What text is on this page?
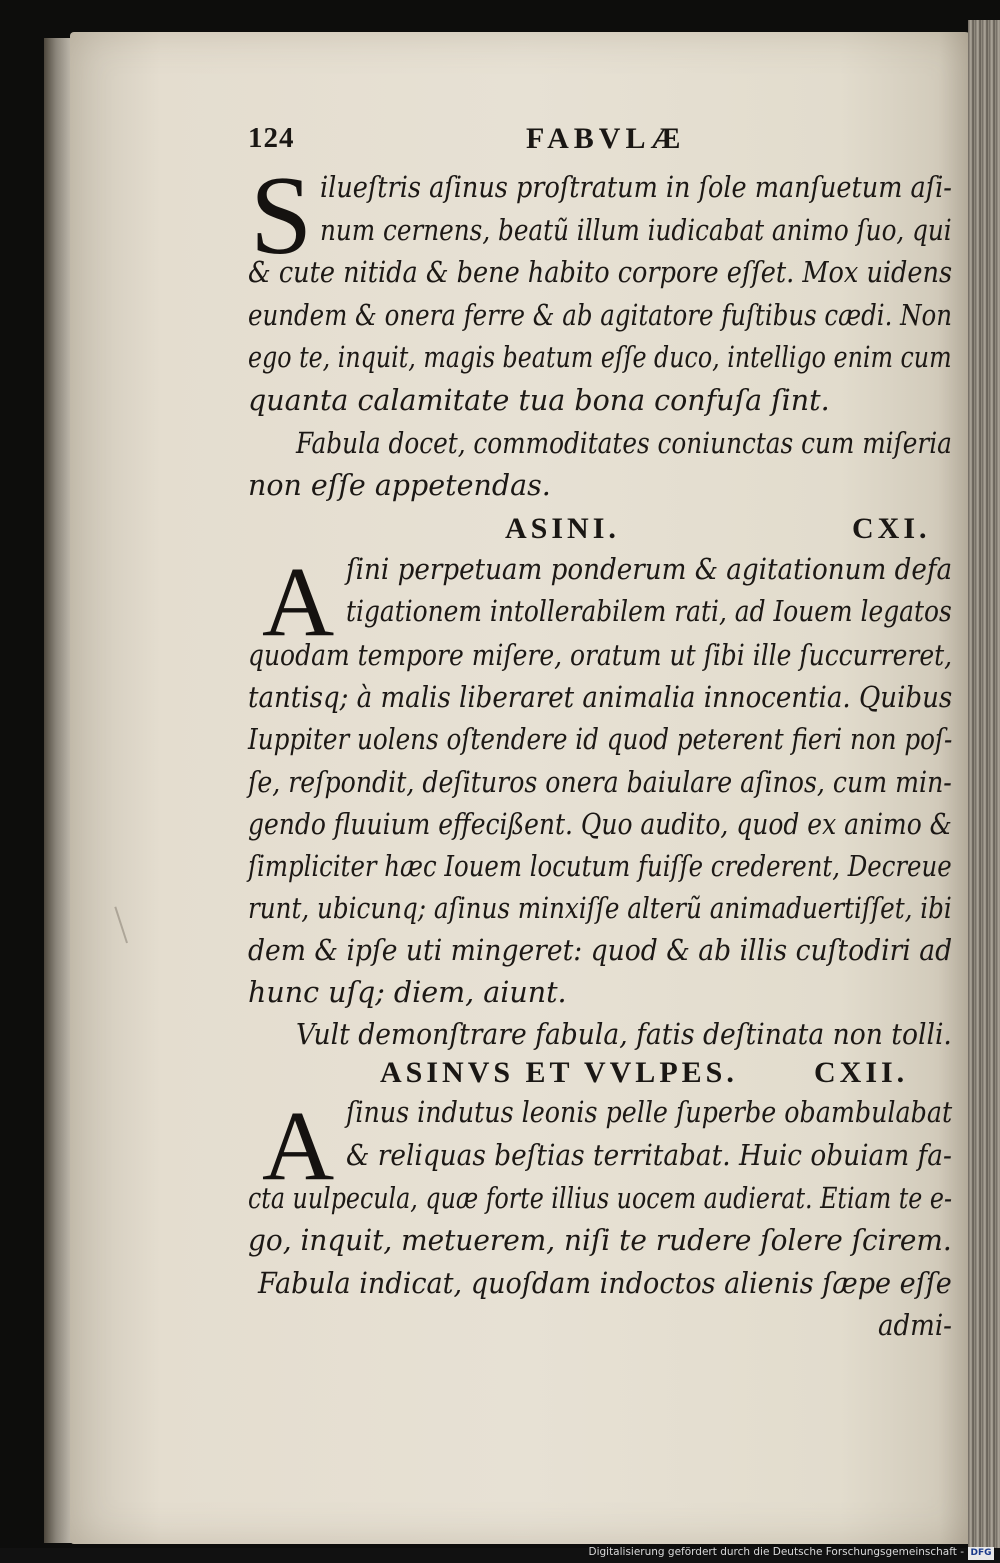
124	FABVLÆ
S ilueſtris aſinus proſtratum in ſole manſuetum aſi-
num cernens, beatũ illum iudicabat animo ſuo, qui
& cute nitida & bene habito corpore eſſet. Mox uidens
eundem & onera ferre & ab agitatore fuſtibus cædi. Non
ego te, inquit, magis beatum eſſe duco, intelligo enim cum
quanta calamitate tua bona confuſa ſint.
Fabula docet, commoditates coniunctas cum miſeria
non eſſe appetendas.
ASINI.	CXI.
A ſini perpetuam ponderum & agitationum defa
tigationem intollerabilem rati, ad Iouem legatos
quodam tempore miſere, oratum ut ſibi ille ſuccurreret,
tantisq; à malis liberaret animalia innocentia. Quibus
Iuppiter uolens oſtendere id quod peterent fieri non poſ-
ſe, reſpondit, deſituros onera baiulare aſinos, cum min-
gendo fluuium effecißent. Quo audito, quod ex animo &
ſimpliciter hæc Iouem locutum fuiſſe crederent, Decreue
runt, ubicunq; aſinus minxiſſe alterũ animaduertiſſet, ibi
dem & ipſe uti mingeret: quod & ab illis cuſtodiri ad
hunc uſq; diem, aiunt.
Vult demonſtrare fabula, fatis deſtinata non tolli.
ASINVS ET VVLPES.	CXII.
A ſinus indutus leonis pelle ſuperbe obambulabat
& reliquas beſtias territabat. Huic obuiam fa-
cta uulpecula, quæ forte illius uocem audierat. Etiam te e-
go, inquit, metuerem, niſi te rudere ſolere ſcirem.
Fabula indicat, quoſdam indoctos alienis ſæpe eſſe
admi-
Digitalisierung gefördert durch die Deutsche Forschungsgemeinschaft - DFG
